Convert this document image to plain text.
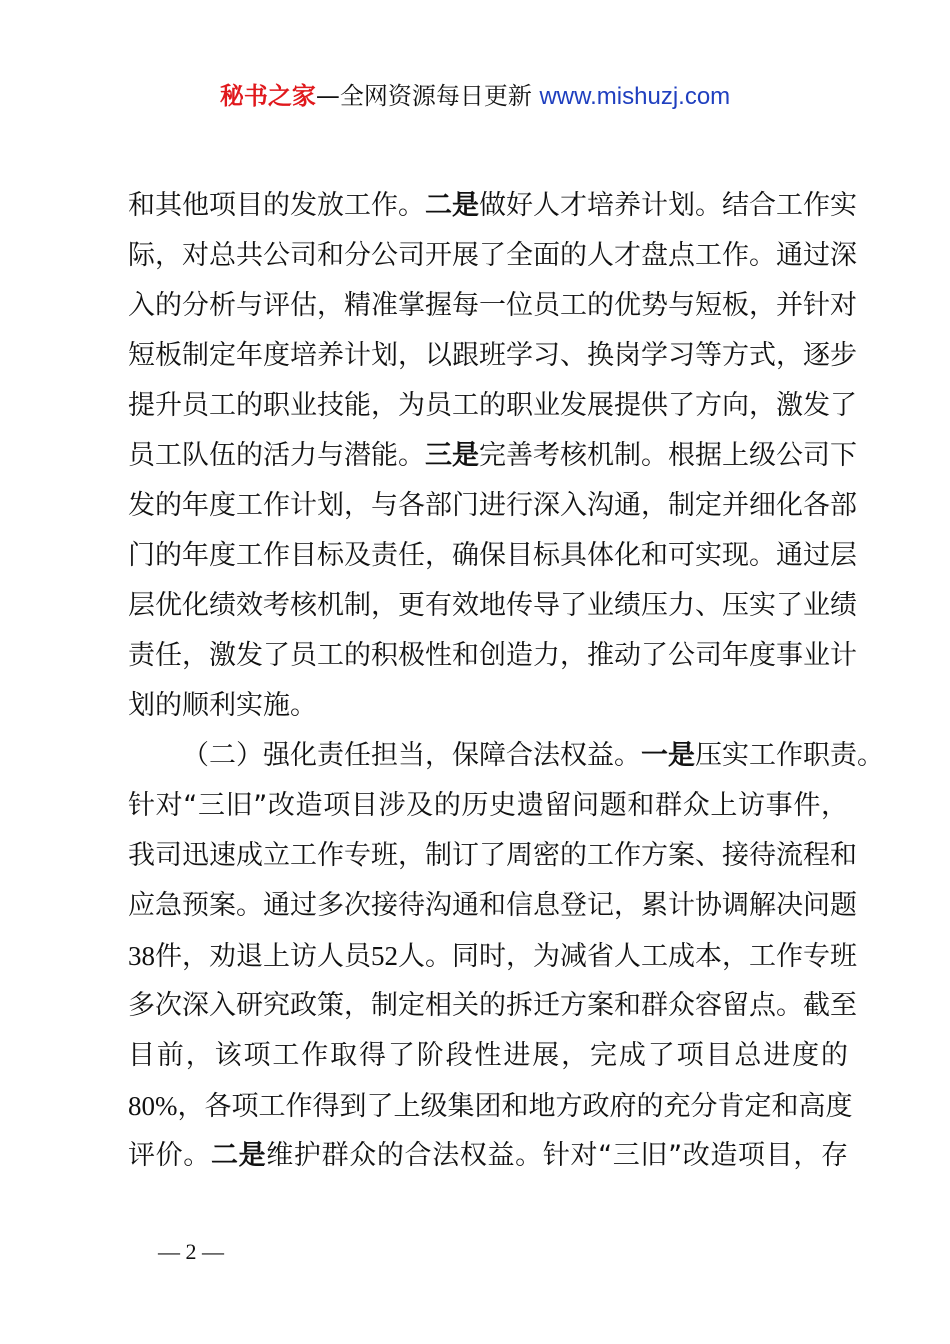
秘书之家—全网资源每日更新 www.mishuzj.com
和其他项目的发放工作。二是做好人才培养计划。结合工作实
际，对总共公司和分公司开展了全面的人才盘点工作。通过深
入的分析与评估，精准掌握每一位员工的优势与短板，并针对
短板制定年度培养计划，以跟班学习、换岗学习等方式，逐步
提升员工的职业技能，为员工的职业发展提供了方向，激发了
员工队伍的活力与潜能。三是完善考核机制。根据上级公司下
发的年度工作计划，与各部门进行深入沟通，制定并细化各部
门的年度工作目标及责任，确保目标具体化和可实现。通过层
层优化绩效考核机制，更有效地传导了业绩压力、压实了业绩
责任，激发了员工的积极性和创造力，推动了公司年度事业计
划的顺利实施。
（二）强化责任担当，保障合法权益。一是压实工作职责。
针对“三旧”改造项目涉及的历史遗留问题和群众上访事件，
我司迅速成立工作专班，制订了周密的工作方案、接待流程和
应急预案。通过多次接待沟通和信息登记，累计协调解决问题
38件，劝退上访人员52人。同时，为减省人工成本，工作专班
多次深入研究政策，制定相关的拆迁方案和群众容留点。截至
目前，该项工作取得了阶段性进展，完成了项目总进度的
80%，各项工作得到了上级集团和地方政府的充分肯定和高度
评价。二是维护群众的合法权益。针对“三旧”改造项目，存
— 2 —
